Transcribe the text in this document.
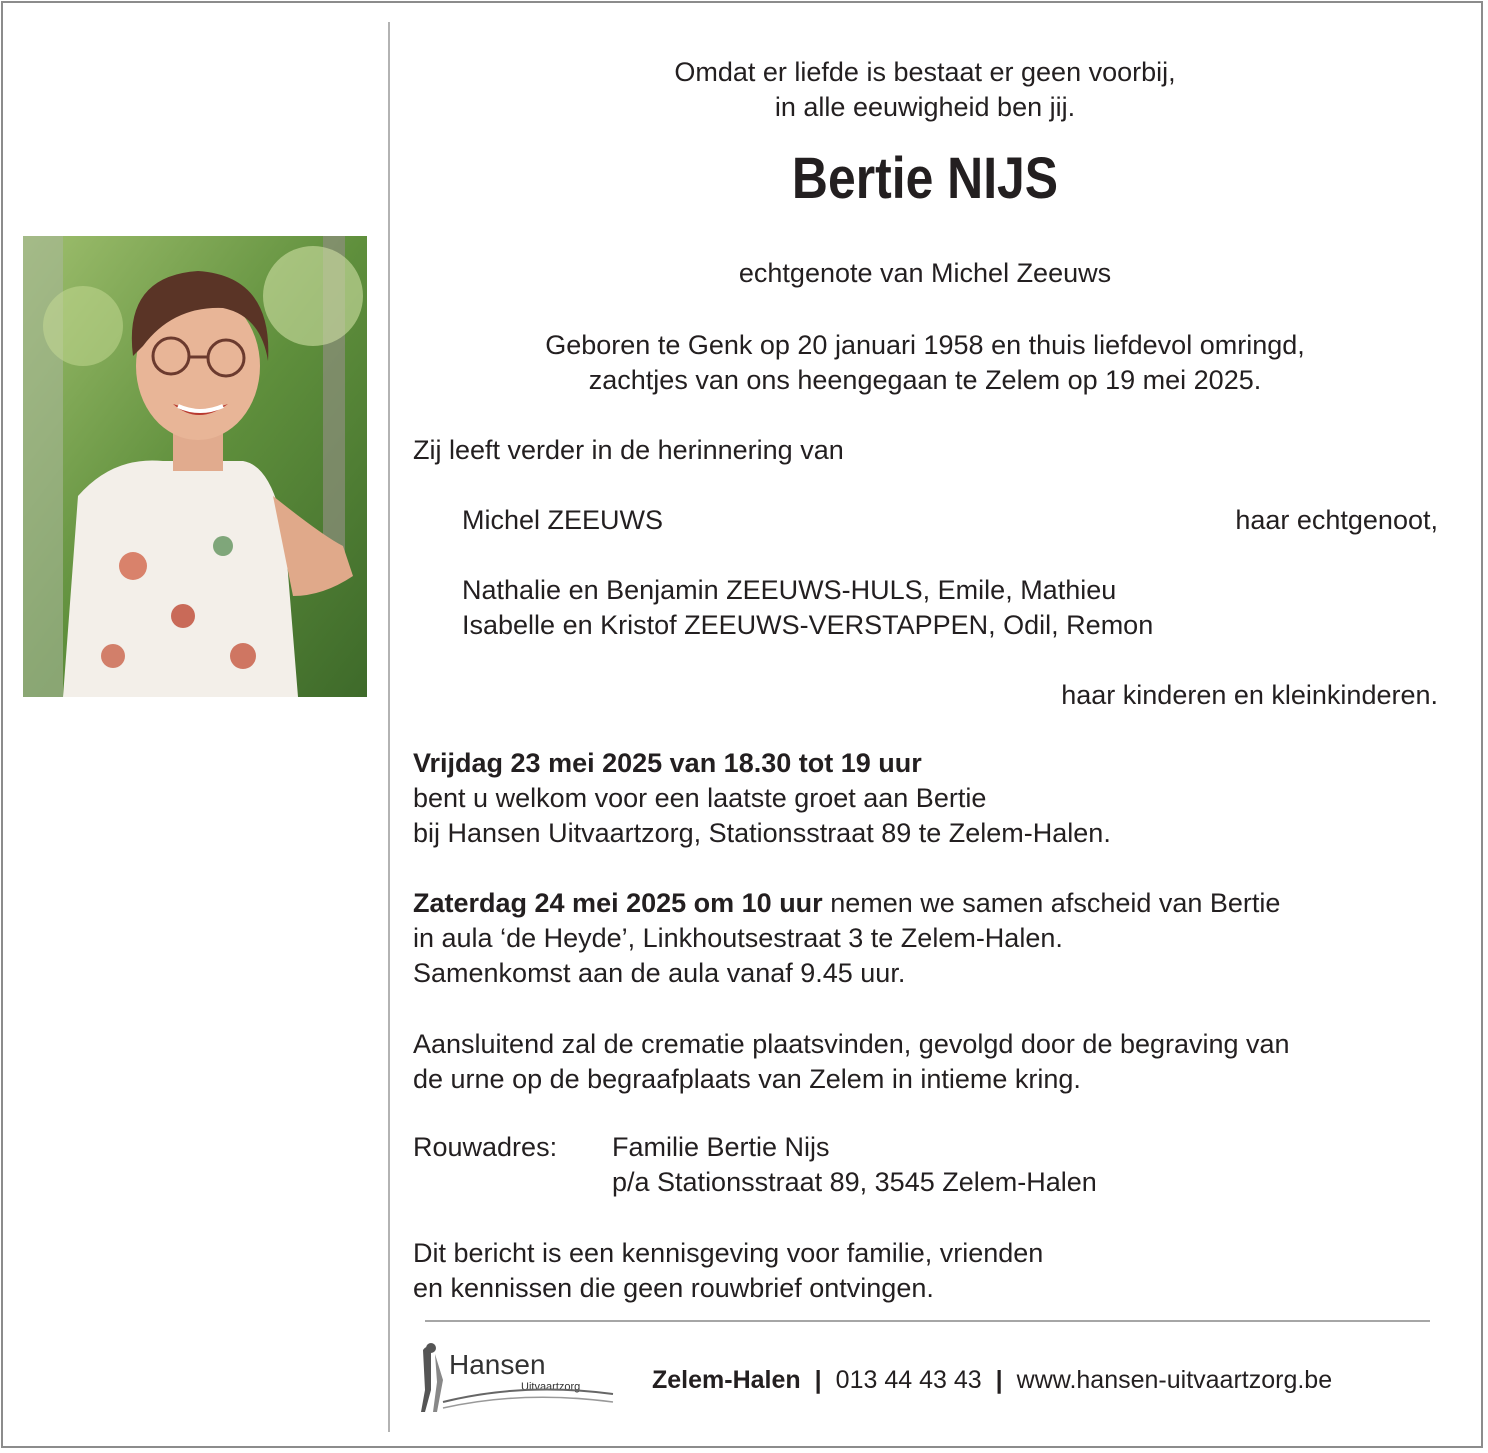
Omdat er liefde is bestaat er geen voorbij,
in alle eeuwigheid ben jij.
Bertie NIJS
echtgenote van Michel Zeeuws
Geboren te Genk op 20 januari 1958 en thuis liefdevol omringd,
zachtjes van ons heengegaan te Zelem op 19 mei 2025.
Zij leeft verder in de herinnering van
Michel ZEEUWS	haar echtgenoot,
Nathalie en Benjamin ZEEUWS-HULS, Emile, Mathieu
Isabelle en Kristof ZEEUWS-VERSTAPPEN, Odil, Remon
haar kinderen en kleinkinderen.
Vrijdag 23 mei 2025 van 18.30 tot 19 uur
bent u welkom voor een laatste groet aan Bertie
bij Hansen Uitvaartzorg, Stationsstraat 89 te Zelem-Halen.
Zaterdag 24 mei 2025 om 10 uur nemen we samen afscheid van Bertie
in aula ‘de Heyde’, Linkhoutsestraat 3 te Zelem-Halen.
Samenkomst aan de aula vanaf 9.45 uur.
Aansluitend zal de crematie plaatsvinden, gevolgd door de begraving van
de urne op de begraafplaats van Zelem in intieme kring.
Rouwadres: Familie Bertie Nijs
p/a Stationsstraat 89, 3545 Zelem-Halen
Dit bericht is een kennisgeving voor familie, vrienden
en kennissen die geen rouwbrief ontvingen.
Hansen
Uitvaartzorg	Zelem-Halen | 013 44 43 43 | www.hansen-uitvaartzorg.be
